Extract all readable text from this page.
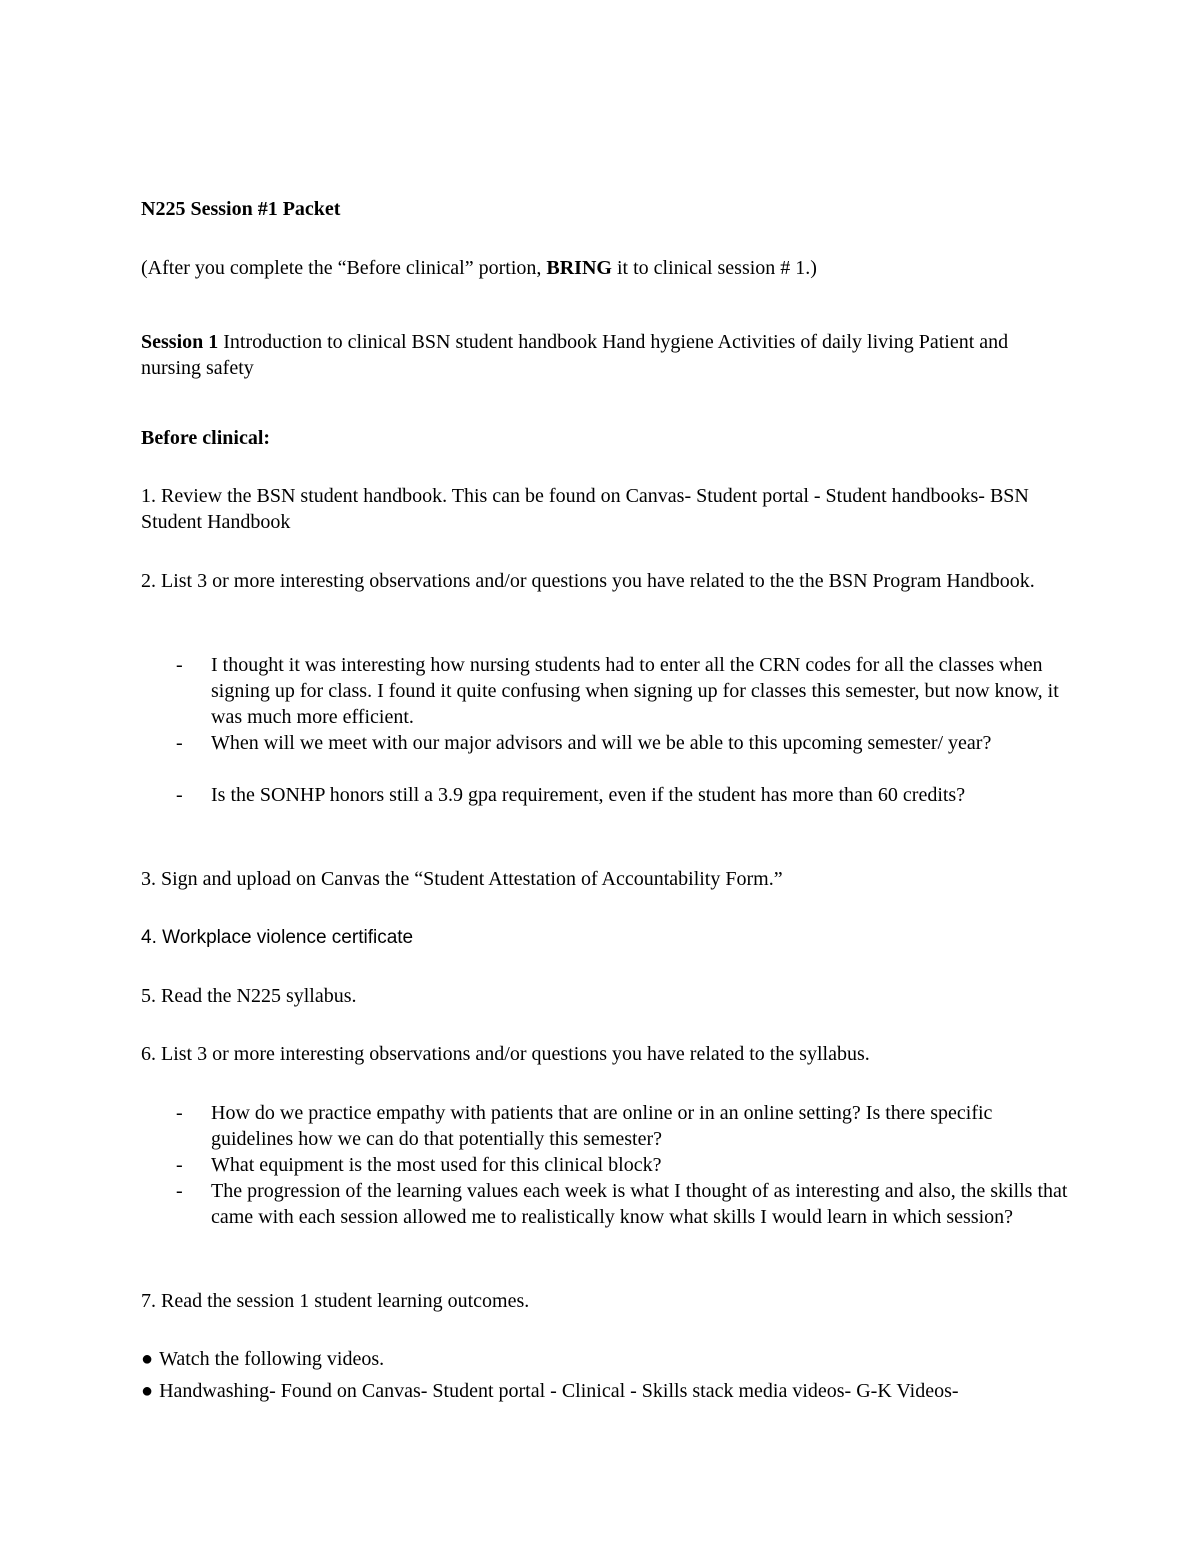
N225 Session #1 Packet
(After you complete the “Before clinical” portion, BRING it to clinical session # 1.)
Session 1 Introduction to clinical BSN student handbook Hand hygiene Activities of daily living Patient and nursing safety
Before clinical:
1. Review the BSN student handbook. This can be found on Canvas- Student portal - Student handbooks- BSN Student Handbook
2. List 3 or more interesting observations and/or questions you have related to the the BSN Program Handbook.
-	I thought it was interesting how nursing students had to enter all the CRN codes for all the classes when signing up for class. I found it quite confusing when signing up for classes this semester, but now know, it was much more efficient.
-	When will we meet with our major advisors and will we be able to this upcoming semester/ year?
-	Is the SONHP honors still a 3.9 gpa requirement, even if the student has more than 60 credits?
3. Sign and upload on Canvas the “Student Attestation of Accountability Form.”
4. Workplace violence certificate
5. Read the N225 syllabus.
6. List 3 or more interesting observations and/or questions you have related to the syllabus.
-	How do we practice empathy with patients that are online or in an online setting? Is there specific guidelines how we can do that potentially this semester?
-	What equipment is the most used for this clinical block?
-	The progression of the learning values each week is what I thought of as interesting and also, the skills that came with each session allowed me to realistically know what skills I would learn in which session?
7. Read the session 1 student learning outcomes.
● Watch the following videos.
● Handwashing- Found on Canvas- Student portal - Clinical - Skills stack media videos- G-K Videos-
